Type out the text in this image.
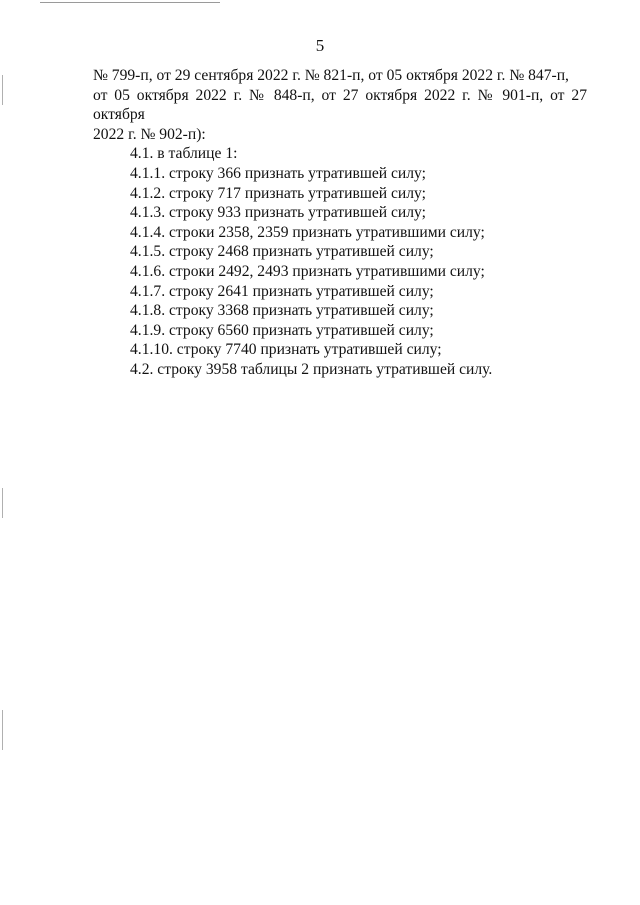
5

№ 799-п, от 29 сентября 2022 г. № 821-п, от 05 октября 2022 г. № 847-п,

от 05 октября 2022 г. № 848-п, от 27 октября 2022 г. № 901-п, от 27 октября

2022 г. № 902-п):

4.1. в таблице 1:

4.1.1. строку 366 признать утратившей силу;

4.1.2. строку 717 признать утратившей силу;

4.1.3. строку 933 признать утратившей силу;

4.1.4. строки 2358, 2359 признать утратившими силу;

4.1.5. строку 2468 признать утратившей силу;

4.1.6. строки 2492, 2493 признать утратившими силу;

4.1.7. строку 2641 признать утратившей силу;

4.1.8. строку 3368 признать утратившей силу;

4.1.9. строку 6560 признать утратившей силу;

4.1.10. строку 7740 признать утратившей силу;

4.2. строку 3958 таблицы 2 признать утратившей силу.
